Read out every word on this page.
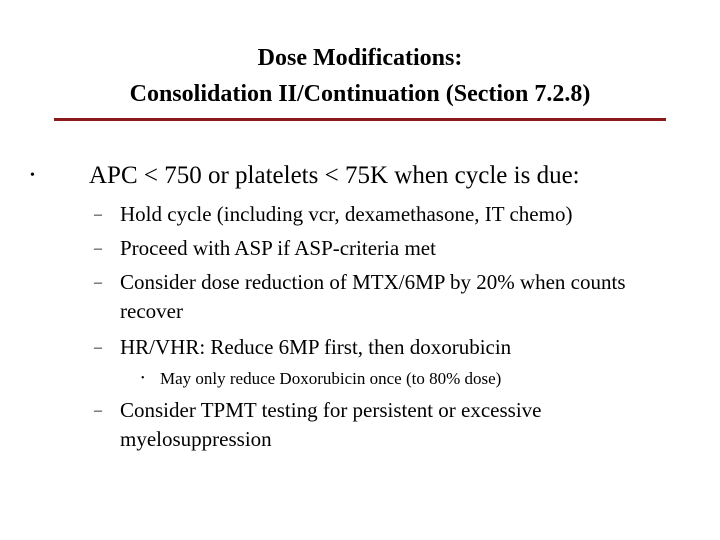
Dose Modifications:
Consolidation II/Continuation (Section 7.2.8)
• APC < 750 or platelets < 75K when cycle is due:
– Hold cycle (including vcr, dexamethasone, IT chemo)
– Proceed with ASP if ASP-criteria met
– Consider dose reduction of MTX/6MP by 20% when counts recover
– HR/VHR: Reduce 6MP first, then doxorubicin
• May only reduce Doxorubicin once (to 80% dose)
– Consider TPMT testing for persistent or excessive myelosuppression
